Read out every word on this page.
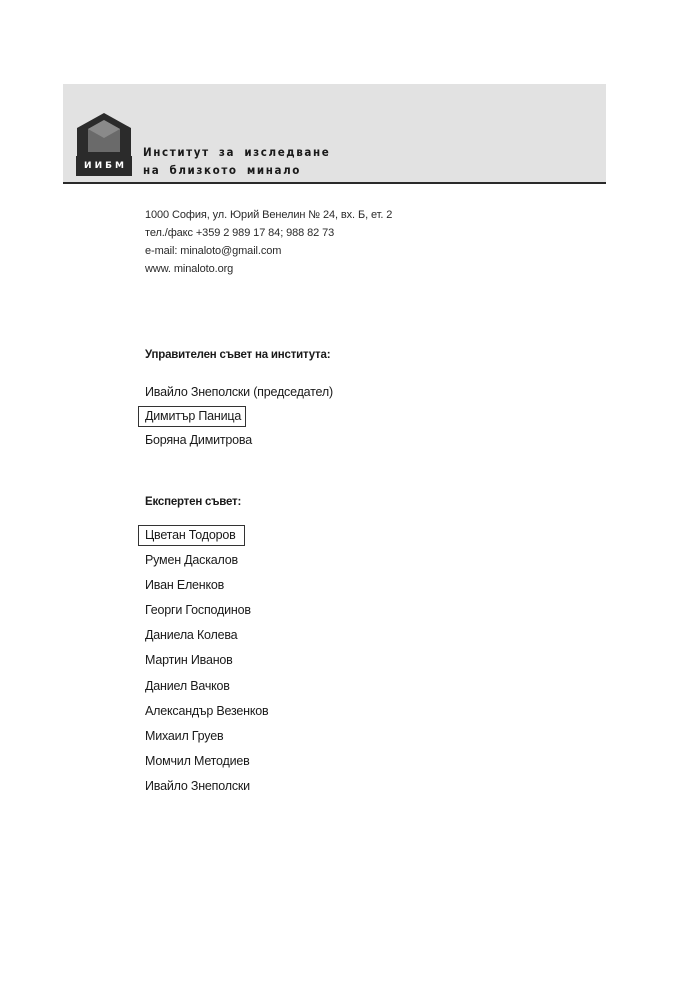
ИИБМ
Институт за изследване
на близкото минало
1000 София, ул. Юрий Венелин № 24, вх. Б, ет. 2
тел./факс +359 2 989 17 84; 988 82 73
e-mail: minaloto@gmail.com
www. minaloto.org
Управителен съвет на института:
Ивайло Знеполски (председател)
Димитър Паница
Боряна Димитрова
Експертен съвет:
Цветан Тодоров
Румен Даскалов
Иван Еленков
Георги Господинов
Даниела Колева
Мартин Иванов
Даниел Вачков
Александър Везенков
Михаил Груев
Момчил Методиев
Ивайло Знеполски
